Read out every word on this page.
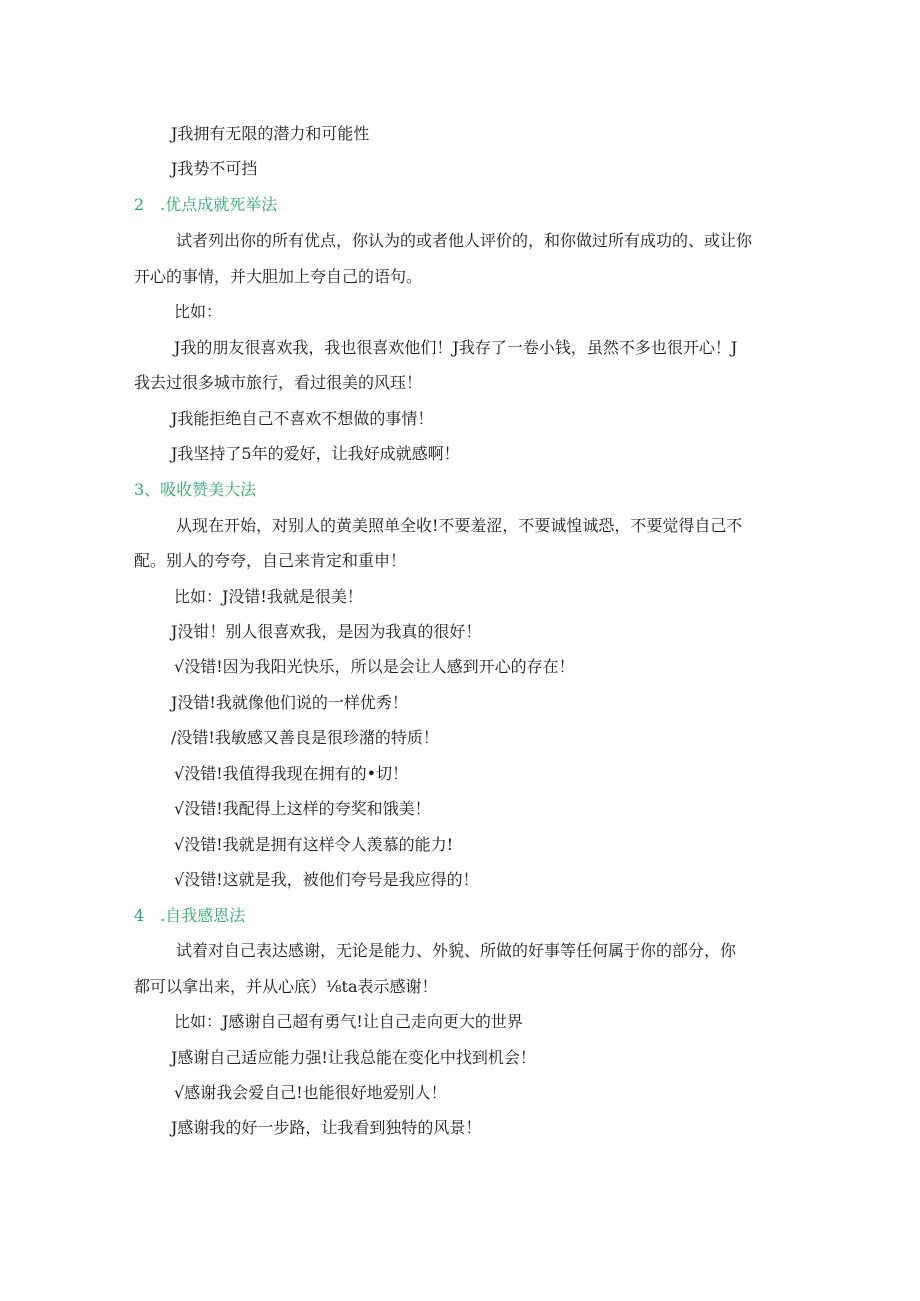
J我拥有无限的潜力和可能性
J我势不可挡
2　.优点成就死举法
试者列出你的所有优点，你认为的或者他人评价的，和你做过所有成功的、或让你
开心的事情，并大胆加上夸自己的语句。
比如：
J我的朋友很喜欢我，我也很喜欢他们！J我存了一卷小钱，虽然不多也很开心！J
我去过很多城市旅行，看过很美的风珏！
J我能拒绝自己不喜欢不想做的事情！
J我坚持了5年的爱好，让我好成就感啊！
3、吸收赞美大法
从现在开始，对别人的黄美照单全收!不要羞涩，不要诚惶诚恐，不要觉得自己不
配。别人的夸夸，自己来肯定和重申！
比如：J没错!我就是很美！
J没钳！别人很喜欢我，是因为我真的很好！
√没错!因为我阳光快乐，所以是会让人感到开心的存在！
J没错!我就像他们说的一样优秀！
∕没错!我敏感又善良是很珍潴的特质！
√没错!我值得我现在拥有的•切！
√没错!我配得上这样的夸奖和饿美！
√没错!我就是拥有这样令人羡慕的能力!
√没错!这就是我，被他们夸号是我应得的！
4　.自我感恩法
试着对自己表达感谢，无论是能力、外貌、所做的好事等任何属于你的部分，你
都可以拿出来，并从心底）⅛ta表示感谢！
比如：J感谢自己超有勇气!让自己走向更大的世界
J感谢自己适应能力强!让我总能在变化中找到机会！
√感谢我会爱自己!也能很好地爱别人！
J感谢我的好一步路，让我看到独特的风景！
